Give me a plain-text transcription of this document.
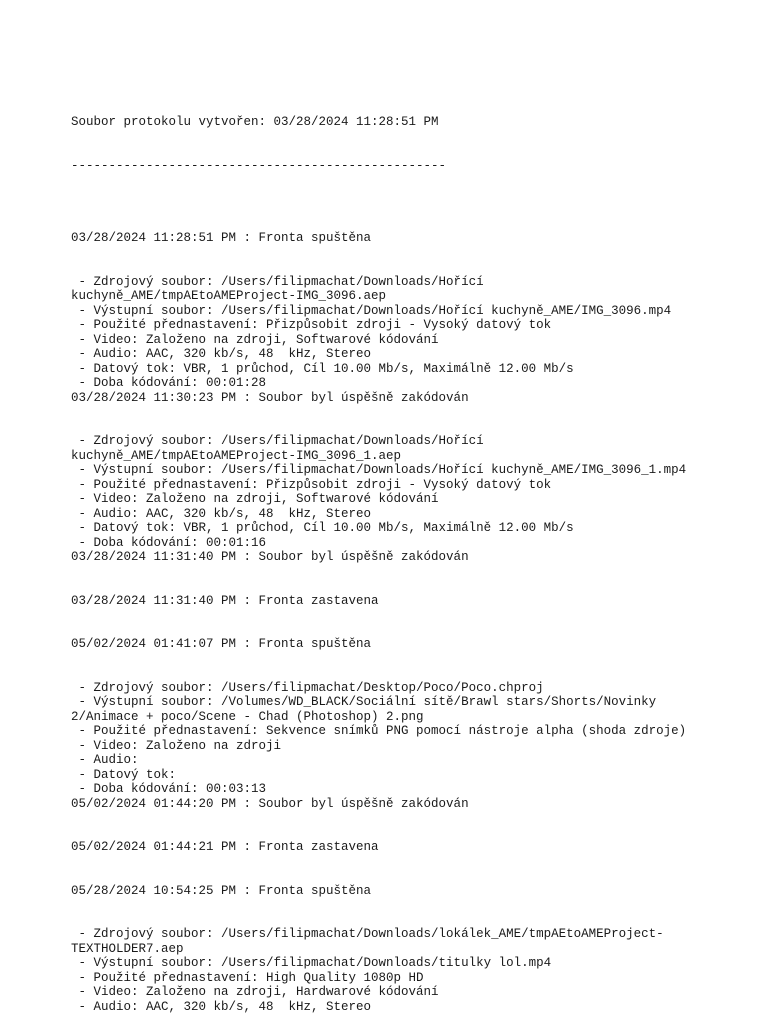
Soubor protokolu vytvořen: 03/28/2024 11:28:51 PM

--------------------------------------------------

03/28/2024 11:28:51 PM : Fronta spuštěna
- Zdrojový soubor: /Users/filipmachat/Downloads/Hořící
kuchyně_AME/tmpAEtoAMEProject-IMG_3096.aep
- Výstupní soubor: /Users/filipmachat/Downloads/Hořící kuchyně_AME/IMG_3096.mp4
- Použité přednastavení: Přizpůsobit zdroji - Vysoký datový tok
- Video: Založeno na zdroji, Softwarové kódování
- Audio: AAC, 320 kb/s, 48  kHz, Stereo
- Datový tok: VBR, 1 průchod, Cíl 10.00 Mb/s, Maximálně 12.00 Mb/s
- Doba kódování: 00:01:28
03/28/2024 11:30:23 PM : Soubor byl úspěšně zakódován
- Zdrojový soubor: /Users/filipmachat/Downloads/Hořící
kuchyně_AME/tmpAEtoAMEProject-IMG_3096_1.aep
- Výstupní soubor: /Users/filipmachat/Downloads/Hořící kuchyně_AME/IMG_3096_1.mp4
- Použité přednastavení: Přizpůsobit zdroji - Vysoký datový tok
- Video: Založeno na zdroji, Softwarové kódování
- Audio: AAC, 320 kb/s, 48  kHz, Stereo
- Datový tok: VBR, 1 průchod, Cíl 10.00 Mb/s, Maximálně 12.00 Mb/s
- Doba kódování: 00:01:16
03/28/2024 11:31:40 PM : Soubor byl úspěšně zakódován
03/28/2024 11:31:40 PM : Fronta zastavena
05/02/2024 01:41:07 PM : Fronta spuštěna
- Zdrojový soubor: /Users/filipmachat/Desktop/Poco/Poco.chproj
- Výstupní soubor: /Volumes/WD_BLACK/Sociální sítě/Brawl stars/Shorts/Novinky
2/Animace + poco/Scene - Chad (Photoshop) 2.png
- Použité přednastavení: Sekvence snímků PNG pomocí nástroje alpha (shoda zdroje)
- Video: Založeno na zdroji
- Audio:
- Datový tok:
- Doba kódování: 00:03:13
05/02/2024 01:44:20 PM : Soubor byl úspěšně zakódován
05/02/2024 01:44:21 PM : Fronta zastavena
05/28/2024 10:54:25 PM : Fronta spuštěna
- Zdrojový soubor: /Users/filipmachat/Downloads/lokálek_AME/tmpAEtoAMEProject-
TEXTHOLDER7.aep
- Výstupní soubor: /Users/filipmachat/Downloads/titulky lol.mp4
- Použité přednastavení: High Quality 1080p HD
- Video: Založeno na zdroji, Hardwarové kódování
- Audio: AAC, 320 kb/s, 48  kHz, Stereo
